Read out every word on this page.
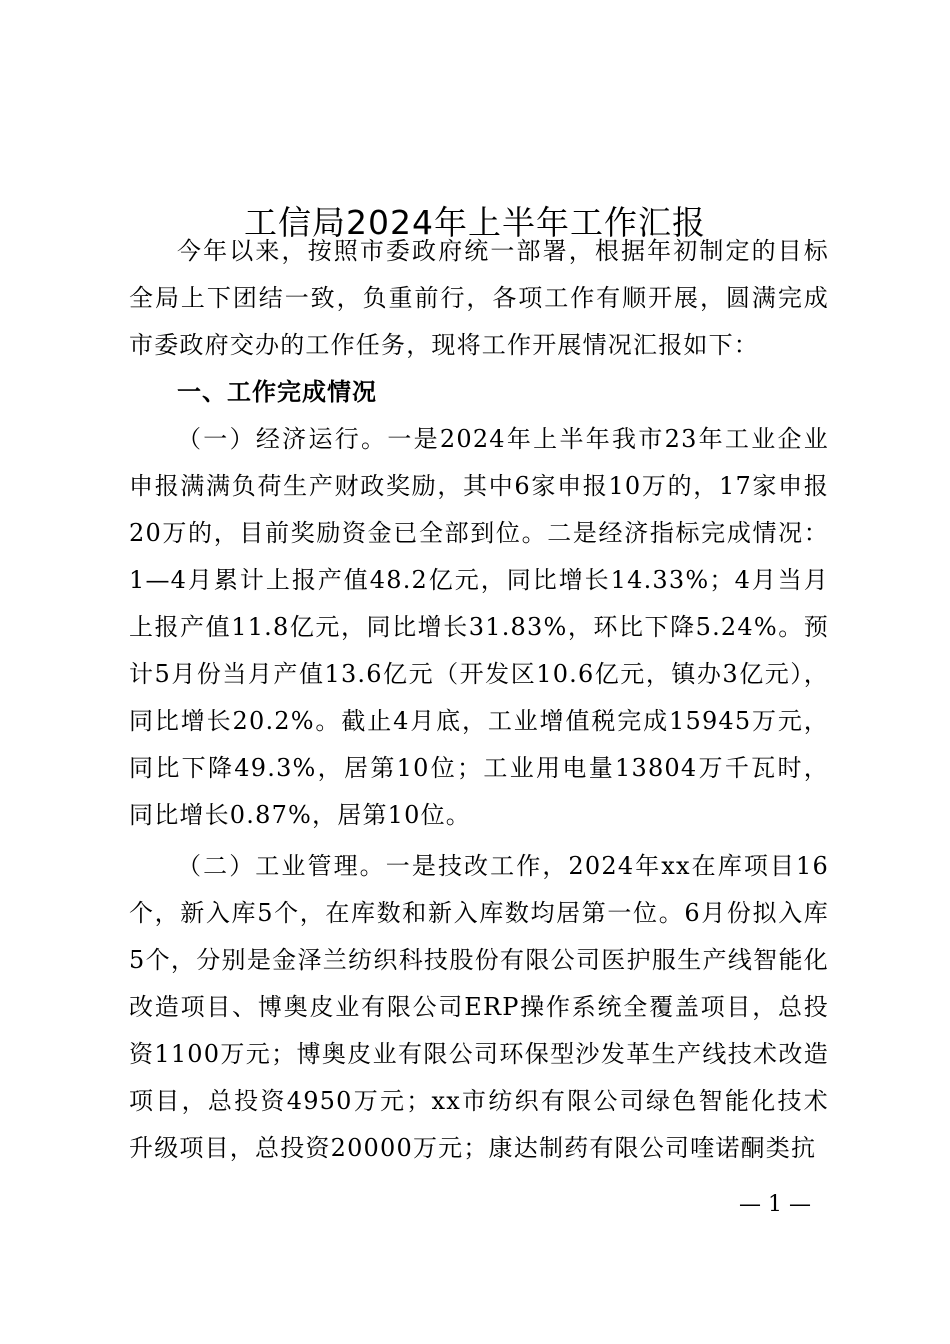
工信局2024年上半年工作汇报

今年以来，按照市委政府统一部署，根据年初制定的目标全局上下团结一致，负重前行，各项工作有顺开展，圆满完成市委政府交办的工作任务，现将工作开展情况汇报如下：

一、工作完成情况

（一）经济运行。一是2024年上半年我市23年工业企业申报满满负荷生产财政奖励，其中6家申报10万的，17家申报20万的，目前奖励资金已全部到位。二是经济指标完成情况：1—4月累计上报产值48.2亿元，同比增长14.33%；4月当月上报产值11.8亿元，同比增长31.83%，环比下降5.24%。预计5月份当月产值13.6亿元（开发区10.6亿元，镇办3亿元），同比增长20.2%。截止4月底，工业增值税完成15945万元，同比下降49.3%，居第10位；工业用电量13804万千瓦时，同比增长0.87%，居第10位。

（二）工业管理。一是技改工作，2024年xx在库项目16个，新入库5个，在库数和新入库数均居第一位。6月份拟入库5个，分别是金泽兰纺织科技股份有限公司医护服生产线智能化改造项目、博奥皮业有限公司ERP操作系统全覆盖项目，总投资1100万元；博奥皮业有限公司环保型沙发革生产线技术改造项目，总投资4950万元；xx市纺织有限公司绿色智能化技术升级项目，总投资20000万元；康达制药有限公司喹诺酮类抗

— 1 —
